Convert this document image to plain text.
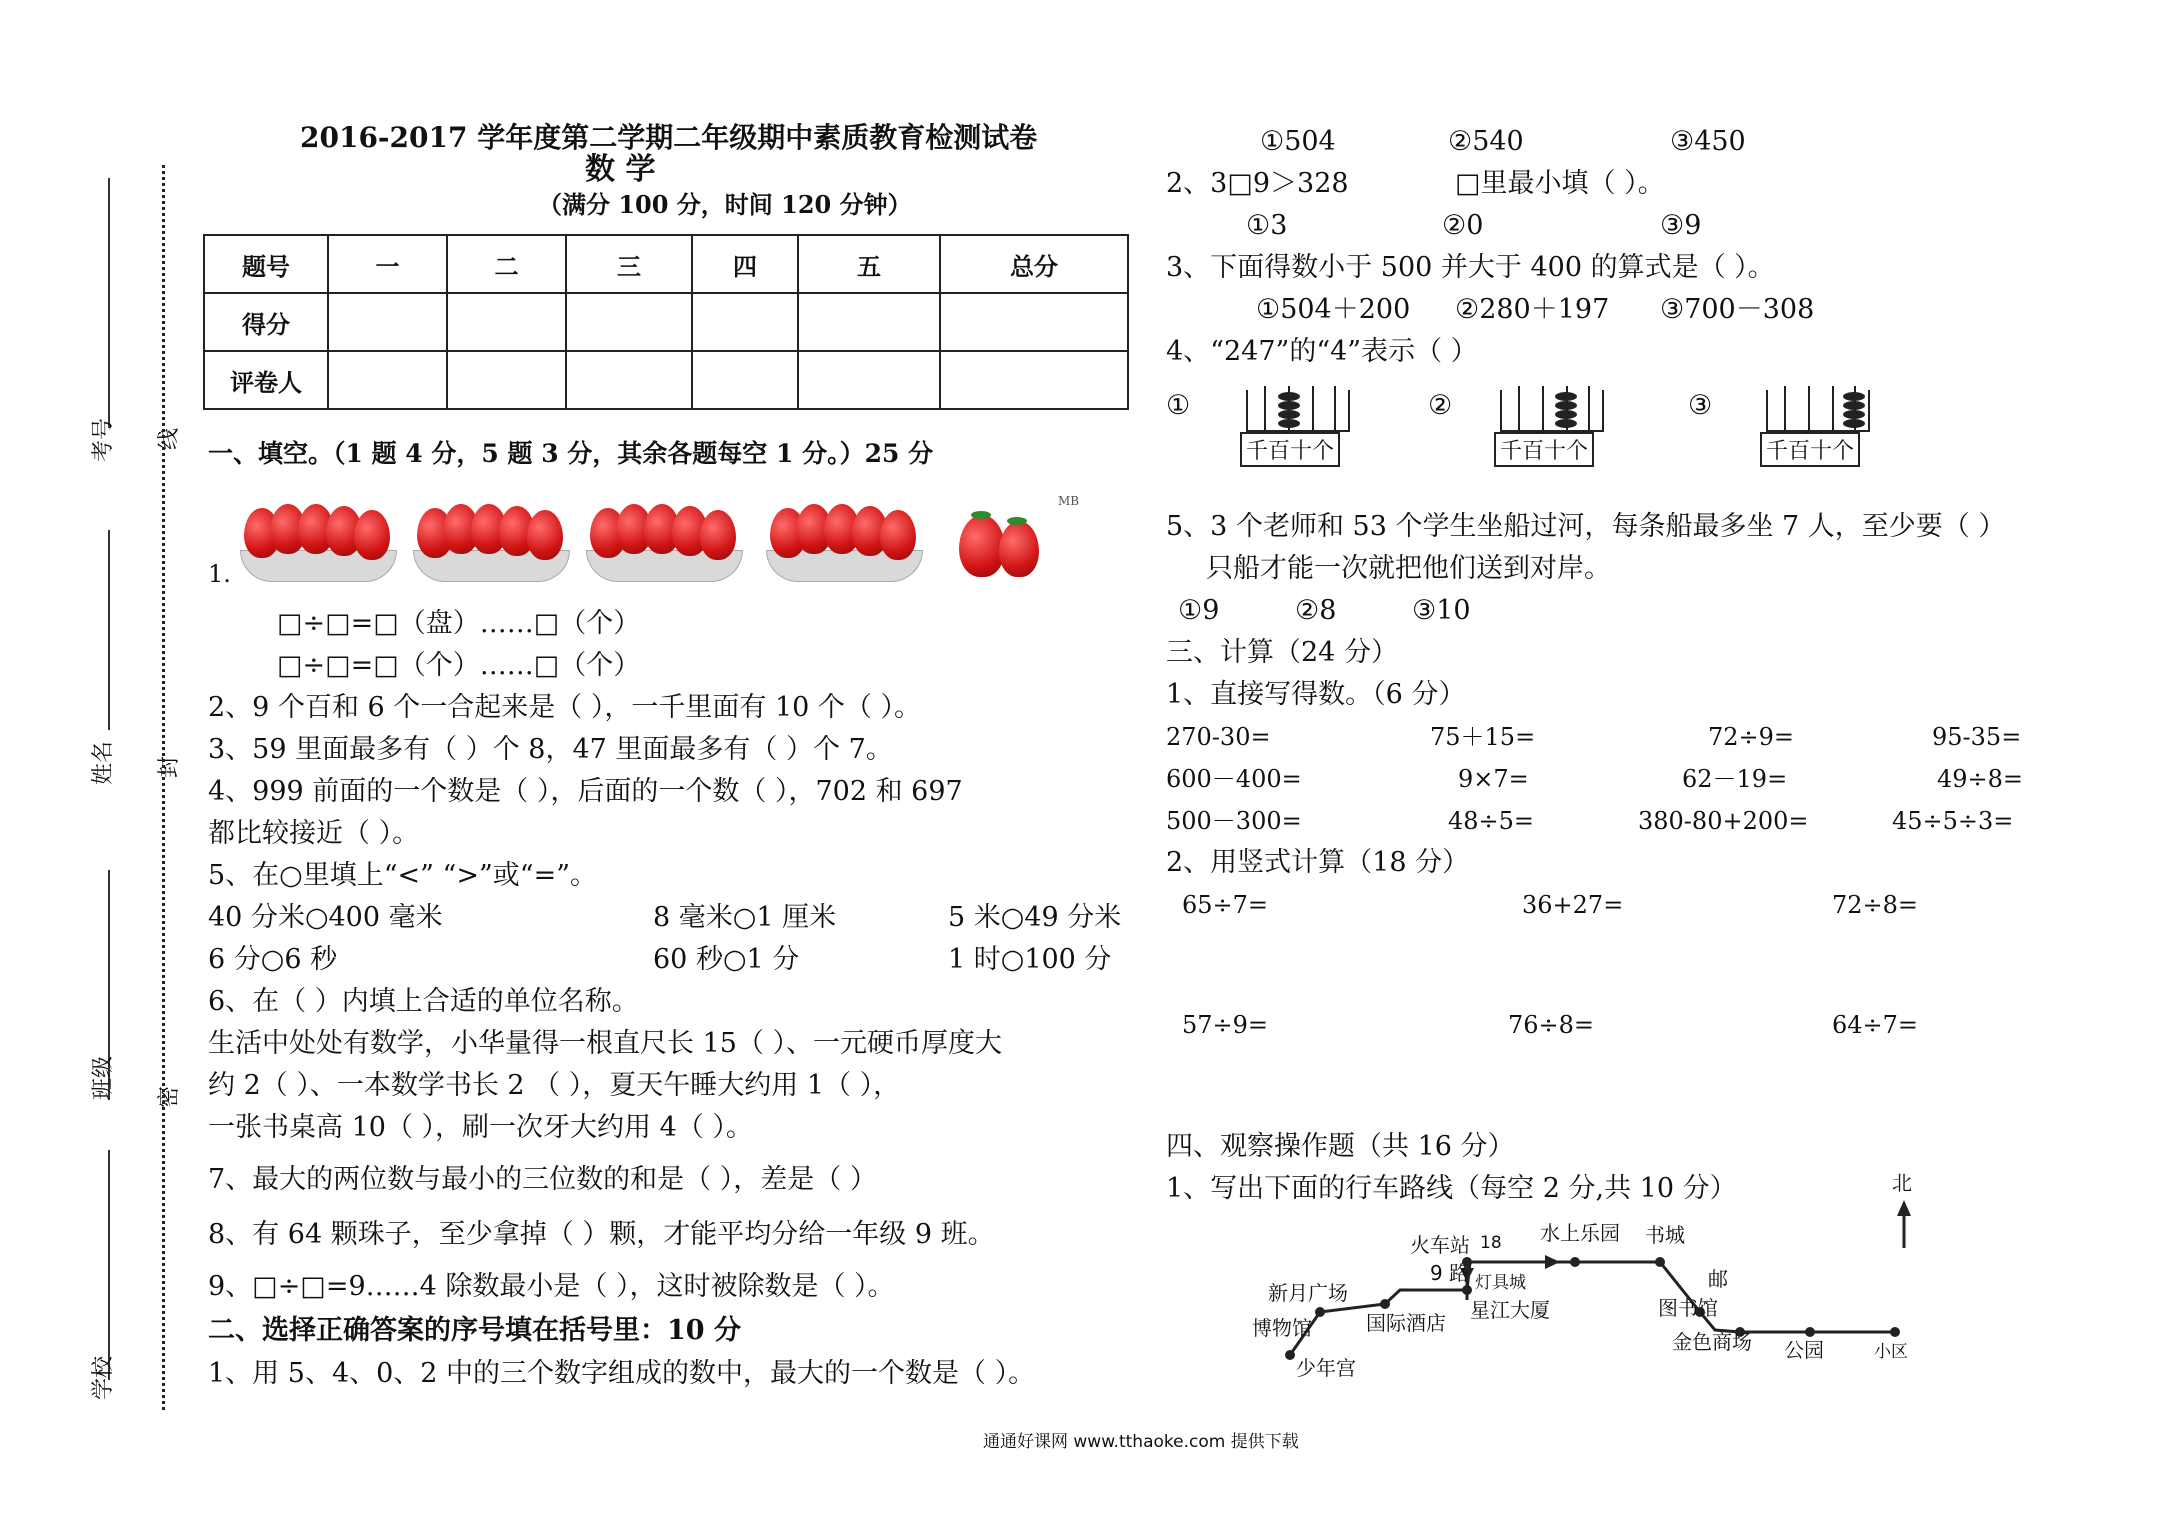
考号
姓名
班级
学校
线
封
密
2016-2017 学年度第二学期二年级期中素质教育检测试卷
数 学
（满分 100 分，时间 120 分钟）
题号	一	二	三	四	五	总分
得分						
评卷人						
一、填空。（1 题 4 分，5 题 3 分，其余各题每空 1 分。）25 分
MB
1.
□÷□=□（盘）……□（个）
□÷□=□（个）……□（个）
2、9 个百和 6 个一合起来是（ ），一千里面有 10 个（ ）。
3、59 里面最多有（ ）个 8，47 里面最多有（ ）个 7。
4、999 前面的一个数是（ ），后面的一个数（ ），702 和 697
都比较接近（ ）。
5、在○里填上“<” “>”或“=”。
40 分米○400 毫米	8 毫米○1 厘米	5 米○49 分米
6 分○6 秒	60 秒○1 分	1 时○100 分
6、在（ ）内填上合适的单位名称。
生活中处处有数学，小华量得一根直尺长 15（ ）、一元硬币厚度大
约 2（ ）、一本数学书长 2 （ ），夏天午睡大约用 1（ ），
一张书桌高 10（ ），刷一次牙大约用 4（ ）。
7、最大的两位数与最小的三位数的和是（ ），差是（ ）
8、有 64 颗珠子，至少拿掉（ ）颗，才能平均分给一年级 9 班。
9、□÷□=9……4 除数最小是（ ），这时被除数是（ ）。
二、选择正确答案的序号填在括号里：10 分
1、用 5、4、0、2 中的三个数字组成的数中，最大的一个数是（ ）。
①504	②540	③450
2、3□9＞328	□里最小填（ ）。
①3	②0	③9
3、下面得数小于 500 并大于 400 的算式是（ ）。
①504＋200 ②280＋197 ③700－308
4、“247”的“4”表示（ ）
①
千百十个
②
千百十个
③
千百十个
5、3 个老师和 53 个学生坐船过河，每条船最多坐 7 人，至少要（ ）
只船才能一次就把他们送到对岸。
①9	②8	③10
三、计算（24 分）
1、直接写得数。（6 分）
270-30=	75＋15=	72÷9=	95-35=
600－400=	9×7=	62－19=	49÷8=
500－300=	48÷5=	380-80+200=	45÷5÷3=
2、用竖式计算（18 分）
65÷7=	36+27=	72÷8=
57÷9=	76÷8=	64÷7=
四、观察操作题（共 16 分）
1、写出下面的行车路线（每空 2 分,共 10 分）	北
火车站 18 水上乐园 书城
9 路 灯具城	邮
新月广场
国际酒店
星江大厦	图书馆
博物馆
金色商场 公园	小区
少年宫
通通好课网 www.tthaoke.com 提供下载
